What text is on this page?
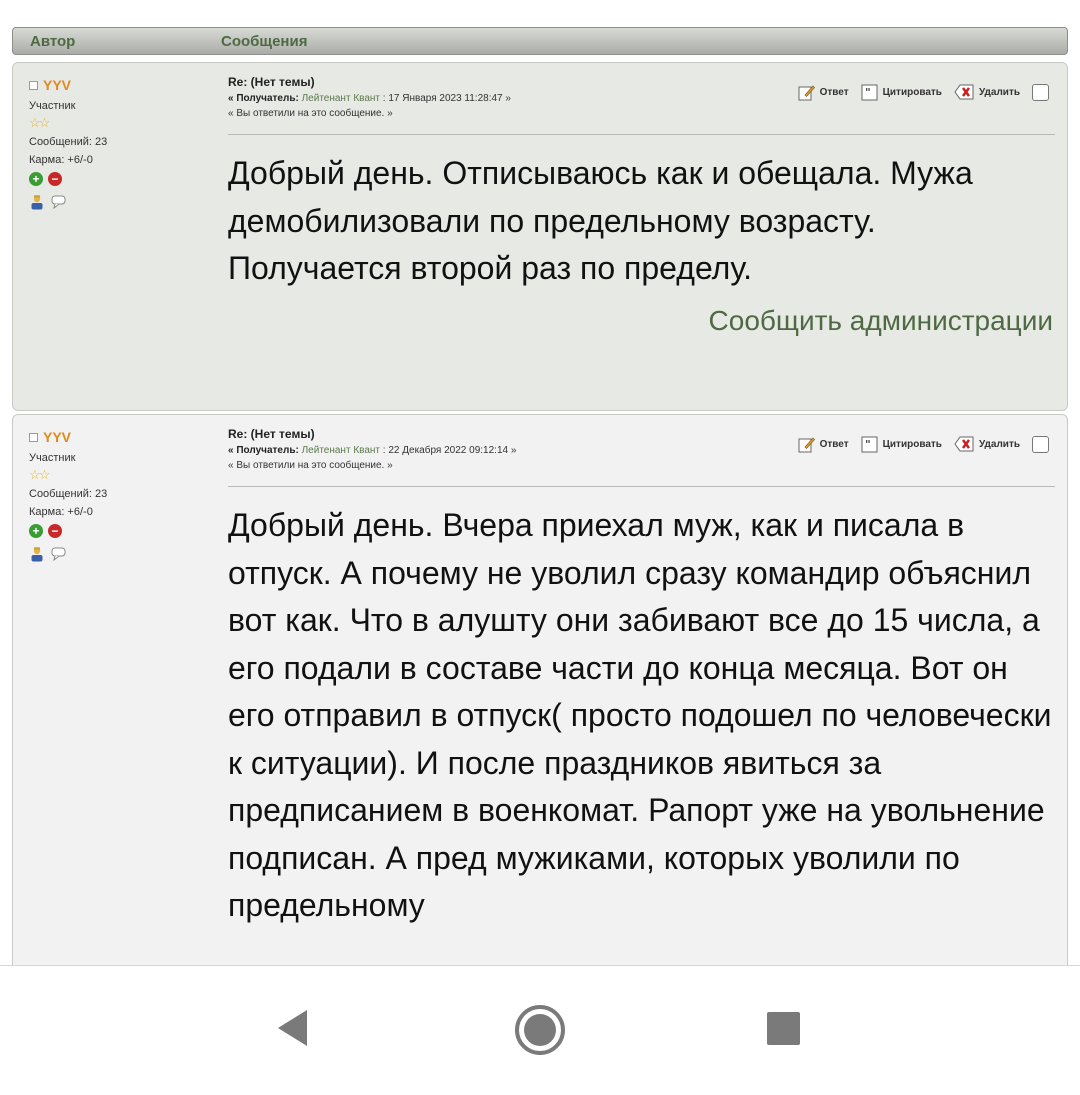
Автор	Сообщения
YYV
Участник
☆☆
Сообщений: 23
Карма: +6/-0
+ −
Re: (Нет темы)
« Получатель: Лейтенант Квант : 17 Января 2023 11:28:47 »
« Вы ответили на это сообщение. »
Ответ " Цитировать	Удалить
Добрый день. Отписываюсь как и обещала. Мужа демобилизовали по предельному возрасту. Получается второй раз по пределу.
Сообщить администрации
YYV
Участник
☆☆
Сообщений: 23
Карма: +6/-0
+ −
Re: (Нет темы)
« Получатель: Лейтенант Квант : 22 Декабря 2022 09:12:14 »
« Вы ответили на это сообщение. »
Ответ " Цитировать	Удалить
Добрый день. Вчера приехал муж, как и писала в отпуск. А почему не уволил сразу командир объяснил вот как. Что в алушту они забивают все до 15 числа, а его подали в составе части до конца месяца. Вот он его отправил в отпуск( просто подошел по человечески к ситуации). И после праздников явиться за предписанием в военкомат. Рапорт уже на увольнение подписан. А пред мужиками, которых уволили по предельному
